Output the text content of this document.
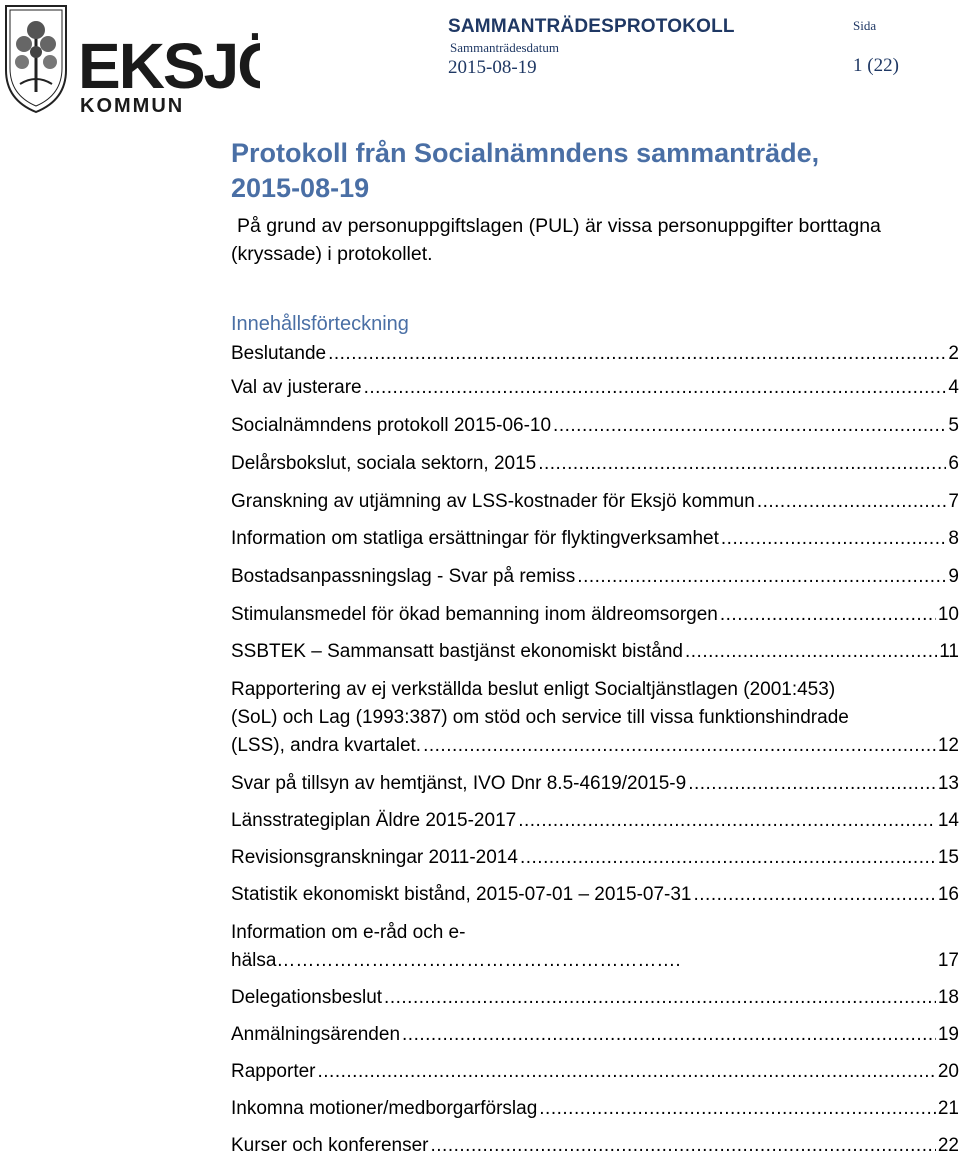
EKSJ
KOMMUN
SAMMANTRÄDESPROTOKOLL
Sammanträdesdatum
2015-08-19
Sida
1 (22)
Protokoll från Socialnämndens sammanträde,
2015-08-19
På grund av personuppgiftslagen (PUL) är vissa personuppgifter borttagna
(kryssade) i protokollet.
Innehållsförteckning
Beslutande .....	2
Val av justerare .....	4
Socialnämndens protokoll 2015-06-10 .....	5
Delårsbokslut, sociala sektorn, 2015 .....	6
Granskning av utjämning av LSS-kostnader för Eksjö kommun .....	7
Information om statliga ersättningar för flyktingverksamhet .....	8
Bostadsanpassningslag - Svar på remiss .....	9
Stimulansmedel för ökad bemanning inom äldreomsorgen .....	10
SSBTEK – Sammansatt bastjänst ekonomiskt bistånd .....	11
Rapportering av ej verkställda beslut enligt Socialtjänstlagen (2001:453)
(SoL) och Lag (1993:387) om stöd och service till vissa funktionshindrade
(LSS), andra kvartalet. .....	12
Svar på tillsyn av hemtjänst, IVO Dnr 8.5-4619/2015-9 .....	13
Länsstrategiplan Äldre 2015-2017 .....	14
Revisionsgranskningar 2011-2014 .....	15
Statistik ekonomiskt bistånd, 2015-07-01 – 2015-07-31 .....	16
Information om e-råd och e-
hälsa……………………………………………………….	17
Delegationsbeslut .....	18
Anmälningsärenden .....	19
Rapporter .....	20
Inkomna motioner/medborgarförslag .....	21
Kurser och konferenser .....	22
